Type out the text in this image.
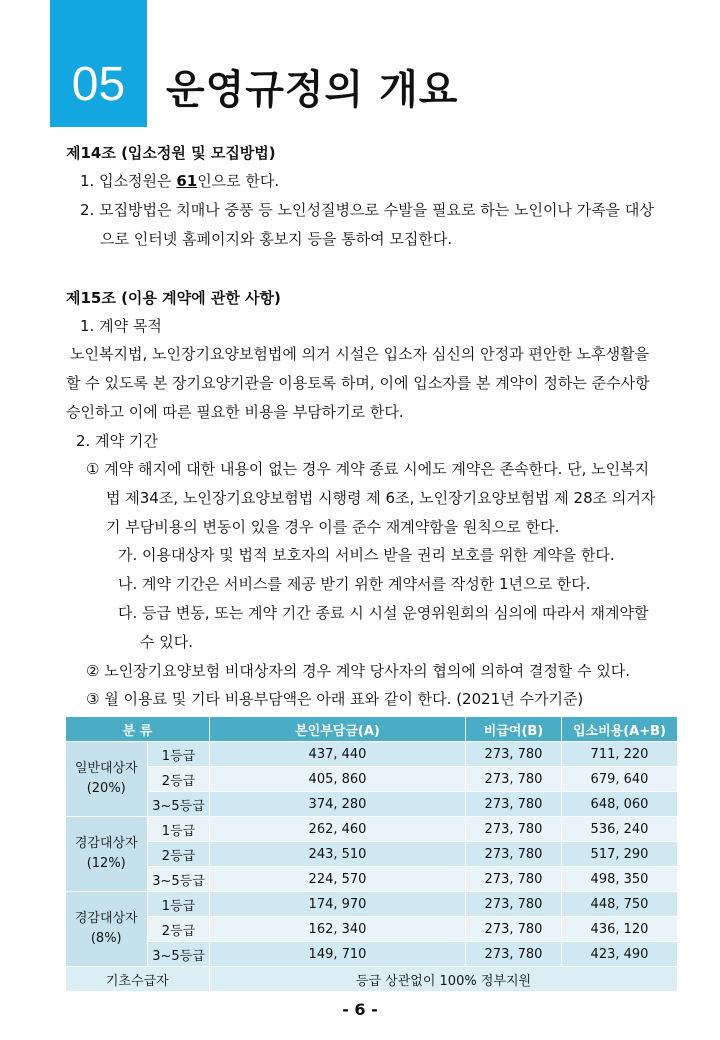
05 운영규정의 개요

제14조 (입소정원 및 모집방법)

1. 입소정원은 61인으로 한다.

2. 모집방법은 치매나 중풍 등 노인성질병으로 수발을 필요로 하는 노인이나 가족을 대상

으로 인터넷 홈페이지와 홍보지 등을 통하여 모집한다.

제15조 (이용 계약에 관한 사항)

1. 계약 목적

노인복지법, 노인장기요양보험법에 의거 시설은 입소자 심신의 안정과 편안한 노후생활을

할 수 있도록 본 장기요양기관을 이용토록 하며, 이에 입소자를 본 계약이 정하는 준수사항

승인하고 이에 따른 필요한 비용을 부담하기로 한다.

2. 계약 기간

① 계약 해지에 대한 내용이 없는 경우 계약 종료 시에도 계약은 존속한다. 단, 노인복지

법 제34조, 노인장기요양보험법 시행령 제 6조, 노인장기요양보험법 제 28조 의거자

기 부담비용의 변동이 있을 경우 이를 준수 재계약함을 원칙으로 한다.

가. 이용대상자 및 법적 보호자의 서비스 받을 권리 보호를 위한 계약을 한다.

나. 계약 기간은 서비스를 제공 받기 위한 계약서를 작성한 1년으로 한다.

다. 등급 변동, 또는 계약 기간 종료 시 시설 운영위원회의 심의에 따라서 재계약할

수 있다.

② 노인장기요양보험 비대상자의 경우 계약 당사자의 협의에 의하여 결정할 수 있다.

③ 월 이용료 및 기타 비용부담액은 아래 표와 같이 한다. (2021년 수가기준)

분 류		본인부담금(A)	비급여(B)	입소비용(A+B)
일반대상자
(20%)	1등급	437, 440	273, 780	711, 220
	2등급	405, 860	273, 780	679, 640
	3~5등급	374, 280	273, 780	648, 060
경감대상자
(12%)	1등급	262, 460	273, 780	536, 240
	2등급	243, 510	273, 780	517, 290
	3~5등급	224, 570	273, 780	498, 350
경감대상자
(8%)	1등급	174, 970	273, 780	448, 750
	2등급	162, 340	273, 780	436, 120
	3~5등급	149, 710	273, 780	423, 490
기초수급자		등급 상관없이 100% 정부지원		
- 6 -
